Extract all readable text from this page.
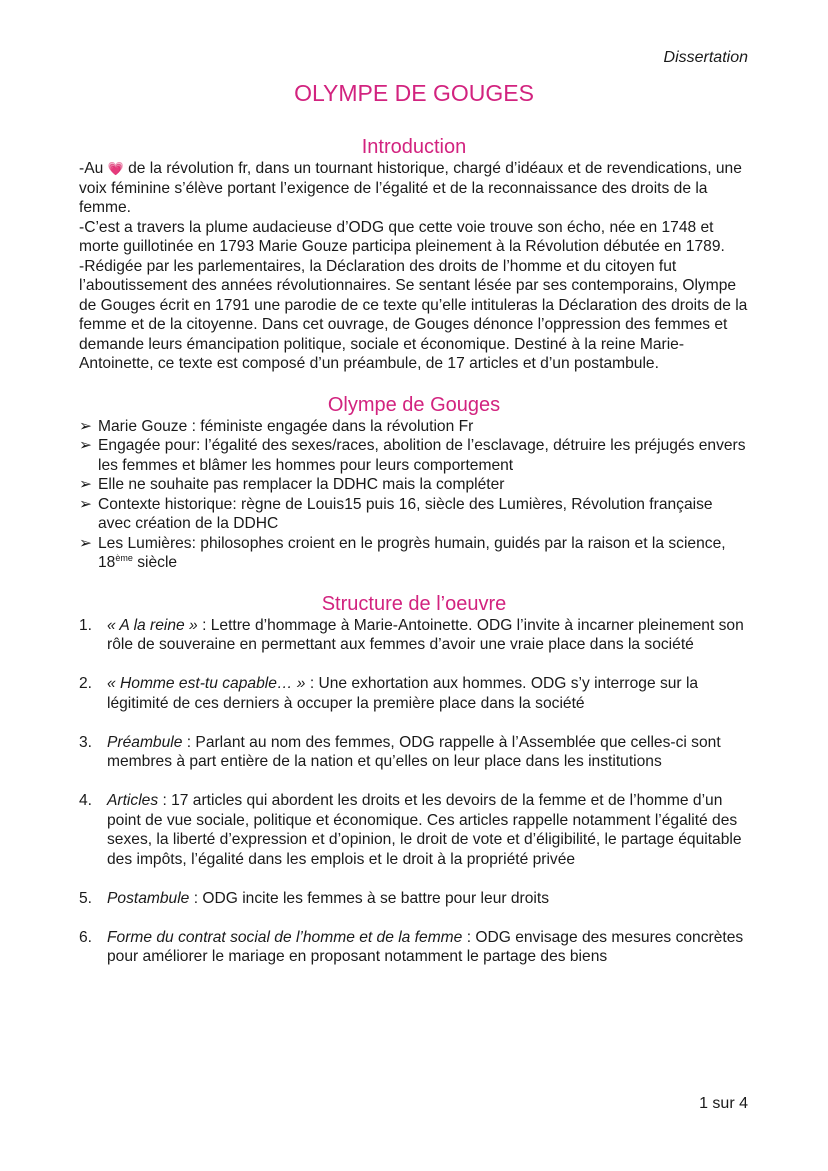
Dissertation
OLYMPE DE GOUGES
Introduction

-Au 💗 de la révolution fr, dans un tournant historique, chargé d’idéaux et de revendications, une voix féminine s’élève portant l’exigence de l’égalité et de la reconnaissance des droits de la femme.

-C’est a travers la plume audacieuse d’ODG que cette voie trouve son écho, née en 1748 et morte guillotinée en 1793 Marie Gouze participa pleinement à la Révolution débutée en 1789.

-Rédigée par les parlementaires, la Déclaration des droits de l’homme et du citoyen fut l’aboutissement des années révolutionnaires. Se sentant lésée par ses contemporains, Olympe de Gouges écrit en 1791 une parodie de ce texte qu’elle intituleras la Déclaration des droits de la femme et de la citoyenne. Dans cet ouvrage, de Gouges dénonce l’oppression des femmes et demande leurs émancipation politique, sociale et économique. Destiné à la reine Marie-Antoinette, ce texte est composé d’un préambule, de 17 articles et d’un postambule.

Olympe de Gouges
➢ Marie Gouze : féministe engagée dans la révolution Fr
➢ Engagée pour: l’égalité des sexes/races, abolition de l’esclavage, détruire les préjugés envers les femmes et blâmer les hommes pour leurs comportement
➢ Elle ne souhaite pas remplacer la DDHC mais la compléter
➢ Contexte historique: règne de Louis15 puis 16, siècle des Lumières, Révolution française avec création de la DDHC
➢ Les Lumières: philosophes croient en le progrès humain, guidés par la raison et la science, 18ème siècle
Structure de l’oeuvre
1. « A la reine » : Lettre d’hommage à Marie-Antoinette. ODG l’invite à incarner pleinement son rôle de souveraine en permettant aux femmes d’avoir une vraie place dans la société
2. « Homme est-tu capable… » : Une exhortation aux hommes. ODG s’y interroge sur la légitimité de ces derniers à occuper la première place dans la société
3. Préambule : Parlant au nom des femmes, ODG rappelle à l’Assemblée que celles-ci sont membres à part entière de la nation et qu’elles on leur place dans les institutions
4. Articles : 17 articles qui abordent les droits et les devoirs de la femme et de l’homme d’un point de vue sociale, politique et économique. Ces articles rappelle notamment l’égalité des sexes, la liberté d’expression et d’opinion, le droit de vote et d’éligibilité, le partage équitable des impôts, l’égalité dans les emplois et le droit à la propriété privée
5. Postambule : ODG incite les femmes à se battre pour leur droits
6. Forme du contrat social de l’homme et de la femme : ODG envisage des mesures concrètes pour améliorer le mariage en proposant notamment le partage des biens
1 sur 4
